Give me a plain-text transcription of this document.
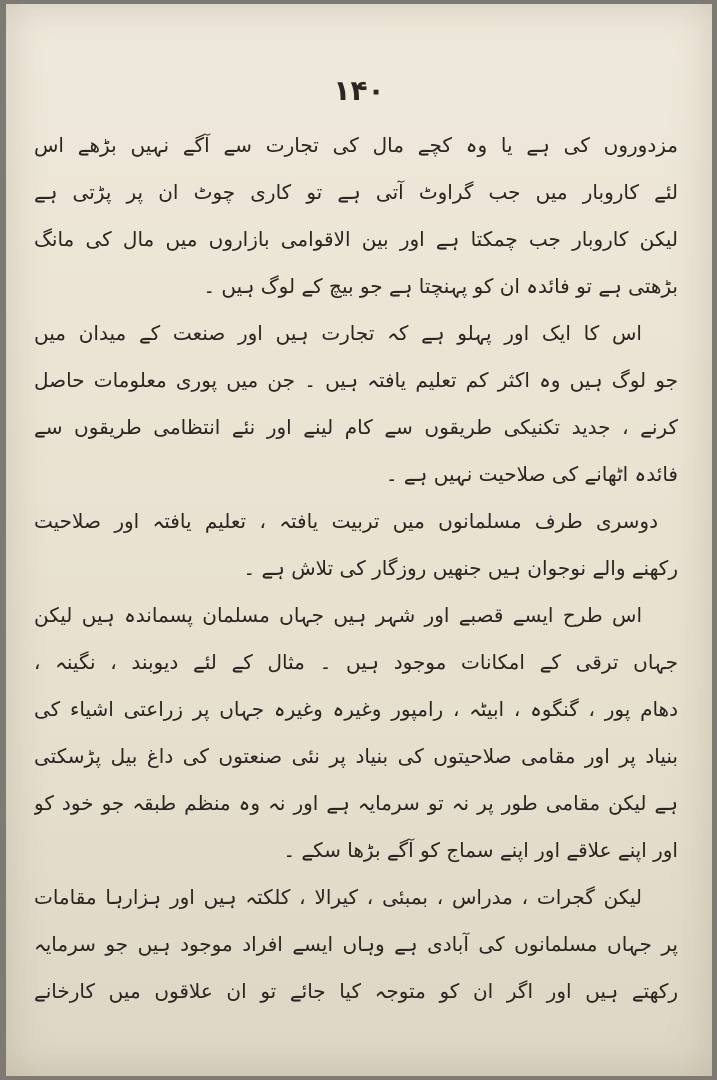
۱۴۰
مزدوروں کی ہے یا وہ کچے مال کی تجارت سے آگے نہیں بڑھے اس
لئے کاروبار میں جب گراوٹ آتی ہے تو کاری چوٹ ان پر پڑتی ہے
لیکن کاروبار جب چمکتا ہے اور بین الاقوامی بازاروں میں مال کی مانگ
بڑھتی ہے تو فائدہ ان کو پہنچتا ہے جو بیچ کے لوگ ہیں ۔
اس کا ایک اور پہلو ہے کہ تجارت ہیں اور صنعت کے میدان میں
جو لوگ ہیں وہ اکثر کم تعلیم یافتہ ہیں ۔ جن میں پوری معلومات حاصل
کرنے ، جدید تکنیکی طریقوں سے کام لینے اور نئے انتظامی طریقوں سے
فائدہ اٹھانے کی صلاحیت نہیں ہے ۔
دوسری طرف مسلمانوں میں تربیت یافتہ ، تعلیم یافتہ اور صلاحیت
رکھنے والے نوجوان ہیں جنھیں روزگار کی تلاش ہے ۔
اس طرح ایسے قصبے اور شہر ہیں جہاں مسلمان پسماندہ ہیں لیکن
جہاں ترقی کے امکانات موجود ہیں ۔ مثال کے لئے دیوبند ، نگینہ ،
دھام پور ، گنگوہ ، ابیٹہ ، رامپور وغیرہ وغیرہ جہاں پر زراعتی اشیاء کی
بنیاد پر اور مقامی صلاحیتوں کی بنیاد پر نئی صنعتوں کی داغ بیل پڑسکتی
ہے لیکن مقامی طور پر نہ تو سرمایہ ہے اور نہ وہ منظم طبقہ جو خود کو
اور اپنے علاقے اور اپنے سماج کو آگے بڑھا سکے ۔
لیکن گجرات ، مدراس ، بمبئی ، کیرالا ، کلکتہ ہیں اور ہزارہا مقامات
پر جہاں مسلمانوں کی آبادی ہے وہاں ایسے افراد موجود ہیں جو سرمایہ
رکھتے ہیں اور اگر ان کو متوجہ کیا جائے تو ان علاقوں میں کارخانے
